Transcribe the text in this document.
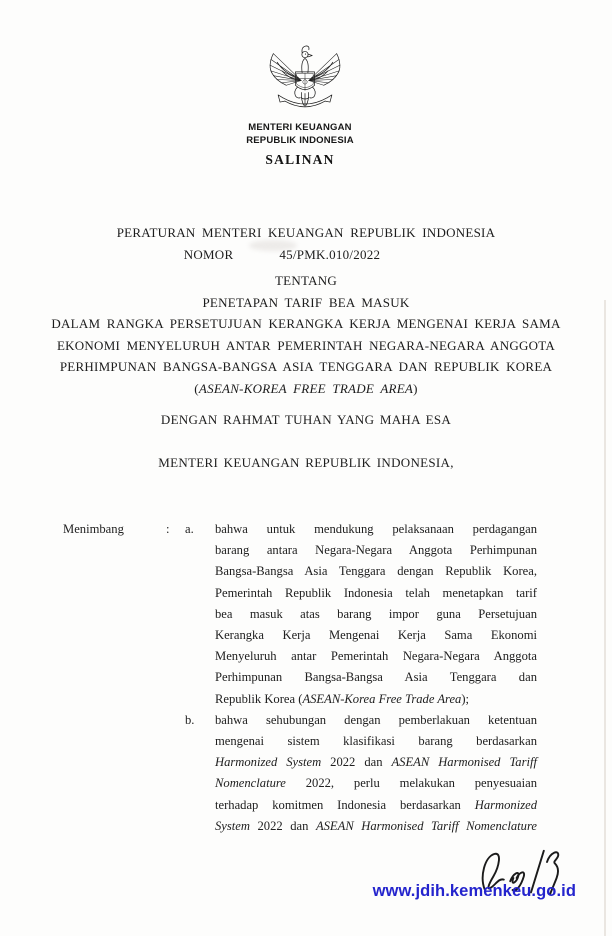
MENTERI KEUANGAN
REPUBLIK INDONESIA
SALINAN
PERATURAN MENTERI KEUANGAN REPUBLIK INDONESIA
NOMOR	45/PMK.010/2022
TENTANG
PENETAPAN TARIF BEA MASUK
DALAM RANGKA PERSETUJUAN KERANGKA KERJA MENGENAI KERJA SAMA
EKONOMI MENYELURUH ANTAR PEMERINTAH NEGARA-NEGARA ANGGOTA
PERHIMPUNAN BANGSA-BANGSA ASIA TENGGARA DAN REPUBLIK KOREA
(ASEAN-KOREA FREE TRADE AREA)
DENGAN RAHMAT TUHAN YANG MAHA ESA
MENTERI KEUANGAN REPUBLIK INDONESIA,
Menimbang	: a.	bahwa untuk mendukung pelaksanaan perdagangan
barang antara Negara-Negara Anggota Perhimpunan
Bangsa-Bangsa Asia Tenggara dengan Republik Korea,
Pemerintah Republik Indonesia telah menetapkan tarif
bea masuk atas barang impor guna Persetujuan
Kerangka Kerja Mengenai Kerja Sama Ekonomi
Menyeluruh antar Pemerintah Negara-Negara Anggota
Perhimpunan Bangsa-Bangsa Asia Tenggara dan
Republik Korea (ASEAN-Korea Free Trade Area);
b.	bahwa sehubungan dengan pemberlakuan ketentuan
mengenai sistem klasifikasi barang berdasarkan
Harmonized System 2022 dan ASEAN Harmonised Tariff
Nomenclature 2022, perlu melakukan penyesuaian
terhadap komitmen Indonesia berdasarkan Harmonized
System 2022 dan ASEAN Harmonised Tariff Nomenclature
www.jdih.kemenkeu.go.id
